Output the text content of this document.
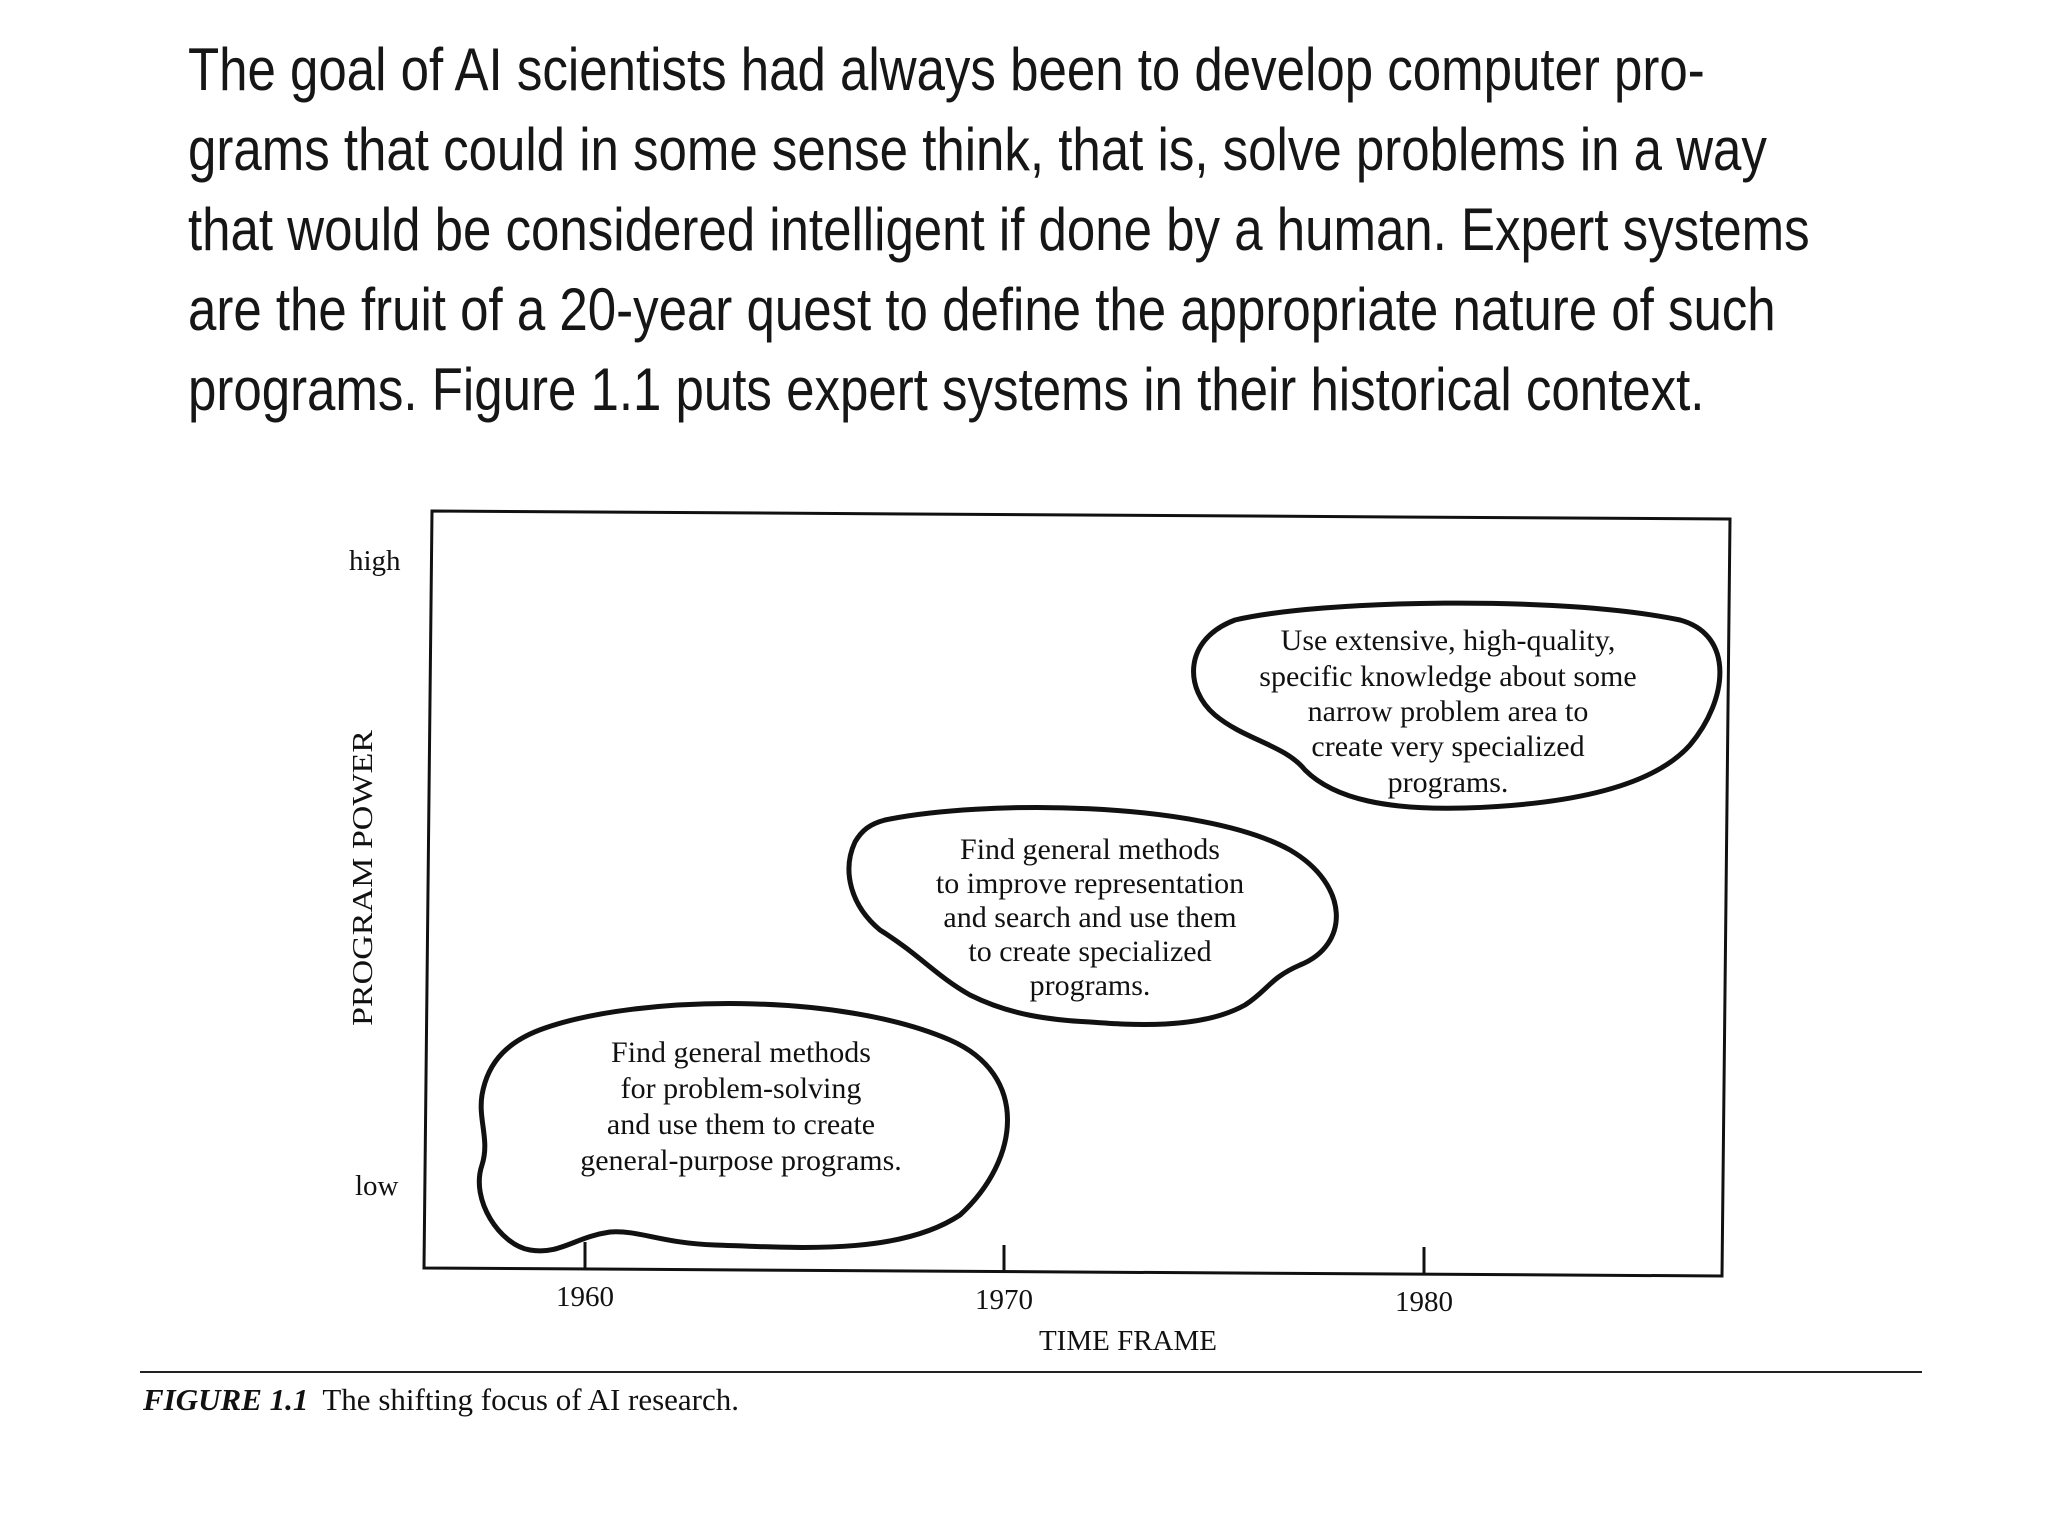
The goal of AI scientists had always been to develop computer pro-
grams that could in some sense think, that is, solve problems in a way
that would be considered intelligent if done by a human. Expert systems
are the fruit of a 20-year quest to define the appropriate nature of such
programs. Figure 1.1 puts expert systems in their historical context.
high
low
PROGRAM POWER
1960	1970	1980
TIME FRAME
Find general methods
for problem-solving
and use them to create
general-purpose programs.
Find general methods
to improve representation
and search and use them
to create specialized
programs.
Use extensive, high-quality,
specific knowledge about some
narrow problem area to
create very specialized
programs.
FIGURE 1.1 The shifting focus of AI research.
